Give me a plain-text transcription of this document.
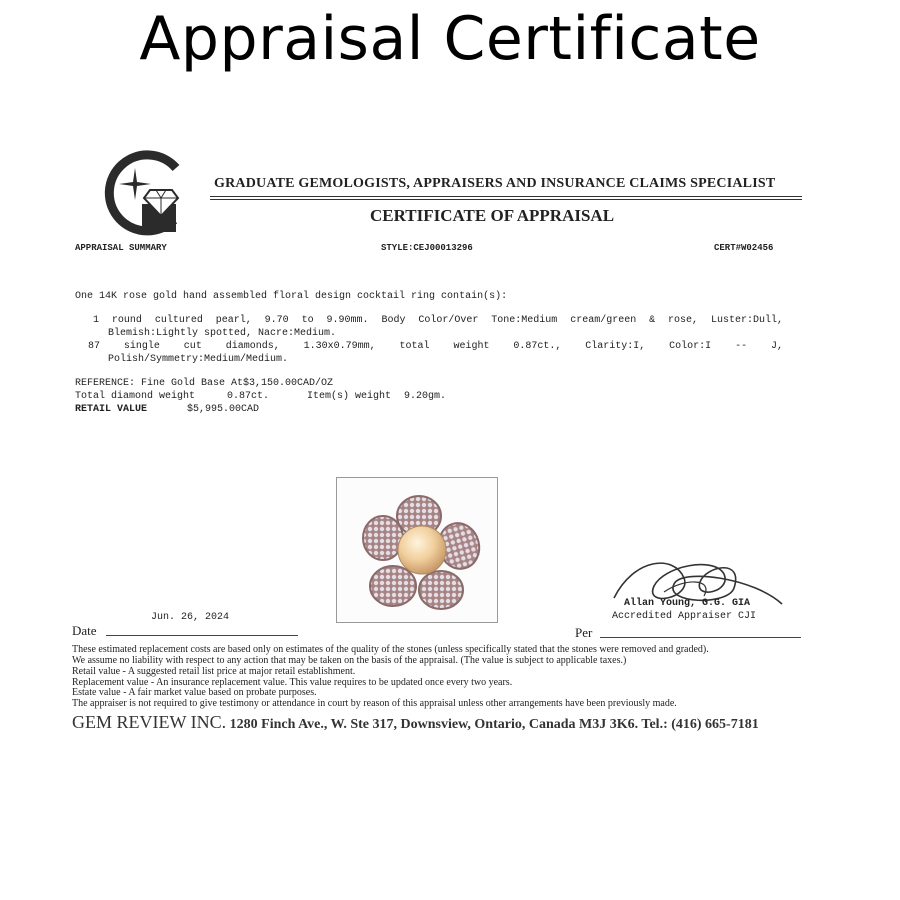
Appraisal Certificate
GRADUATE GEMOLOGISTS, APPRAISERS AND INSURANCE CLAIMS SPECIALIST
CERTIFICATE OF APPRAISAL
APPRAISAL SUMMARY	STYLE:CEJ00013296	CERT#W02456
One 14K rose gold hand assembled floral design cocktail ring contain(s):
1 round cultured pearl, 9.70 to 9.90mm. Body Color/Over Tone:Medium cream/green & rose, Luster:Dull,
Blemish:Lightly spotted, Nacre:Medium.
87 single cut diamonds, 1.30x0.79mm, total weight 0.87ct., Clarity:I, Color:I -- J,
Polish/Symmetry:Medium/Medium.
REFERENCE: Fine Gold Base At$3,150.00CAD/OZ
Total diamond weight	0.87ct.	Item(s) weight 9.20gm.
RETAIL VALUE	$5,995.00CAD
Jun. 26, 2024
Date
Allan Young, G.G. GIA
Accredited Appraiser CJI
Per
These estimated replacement costs are based only on estimates of the quality of the stones (unless specifically stated that the stones were removed and graded).
We assume no liability with respect to any action that may be taken on the basis of the appraisal. (The value is subject to applicable taxes.)
Retail value - A suggested retail list price at major retail establishment.
Replacement value - An insurance replacement value. This value requires to be updated once every two years.
Estate value - A fair market value based on probate purposes.
The appraiser is not required to give testimony or attendance in court by reason of this appraisal unless other arrangements have been previously made.
GEM REVIEW INC. 1280 Finch Ave., W. Ste 317, Downsview, Ontario, Canada M3J 3K6. Tel.: (416) 665-7181
